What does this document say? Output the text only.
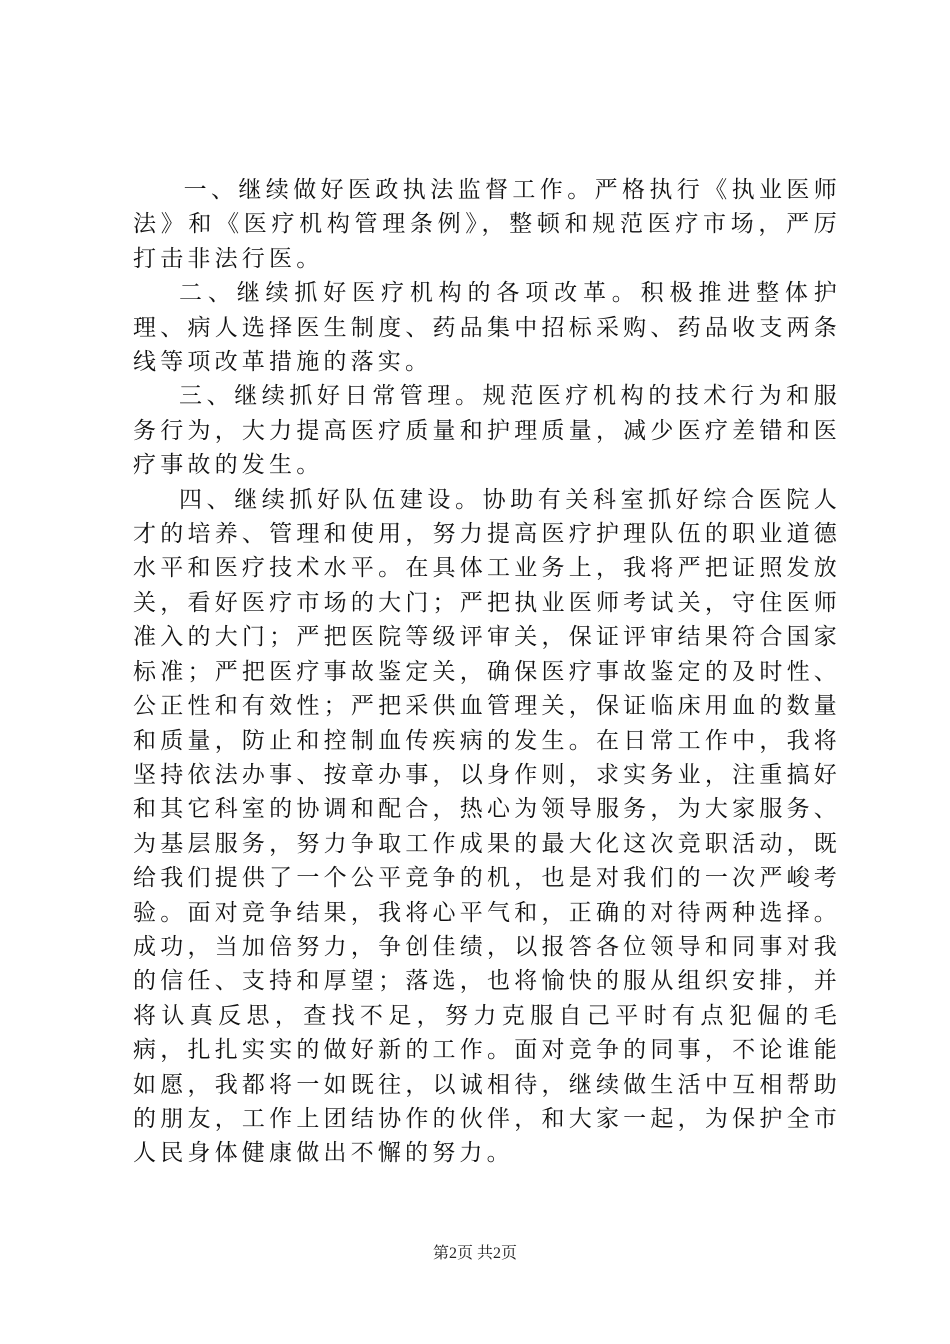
一、继续做好医政执法监督工作。严格执行《执业医师法》和《医疗机构管理条例》，整顿和规范医疗市场，严厉打击非法行医。

二、继续抓好医疗机构的各项改革。积极推进整体护理、病人选择医生制度、药品集中招标采购、药品收支两条线等项改革措施的落实。

三、继续抓好日常管理。规范医疗机构的技术行为和服务行为，大力提高医疗质量和护理质量，减少医疗差错和医疗事故的发生。

四、继续抓好队伍建设。协助有关科室抓好综合医院人才的培养、管理和使用，努力提高医疗护理队伍的职业道德水平和医疗技术水平。在具体工业务上，我将严把证照发放关，看好医疗市场的大门；严把执业医师考试关，守住医师准入的大门；严把医院等级评审关，保证评审结果符合国家标准；严把医疗事故鉴定关，确保医疗事故鉴定的及时性、公正性和有效性；严把采供血管理关，保证临床用血的数量和质量，防止和控制血传疾病的发生。在日常工作中，我将坚持依法办事、按章办事，以身作则，求实务业，注重搞好和其它科室的协调和配合，热心为领导服务，为大家服务、为基层服务，努力争取工作成果的最大化这次竞职活动，既给我们提供了一个公平竞争的机，也是对我们的一次严峻考验。面对竞争结果，我将心平气和，正确的对待两种选择。成功，当加倍努力，争创佳绩，以报答各位领导和同事对我的信任、支持和厚望；落选，也将愉快的服从组织安排，并将认真反思，查找不足，努力克服自己平时有点犯倔的毛病，扎扎实实的做好新的工作。面对竞争的同事，不论谁能如愿，我都将一如既往，以诚相待，继续做生活中互相帮助的朋友，工作上团结协作的伙伴，和大家一起，为保护全市人民身体健康做出不懈的努力。

第2页 共2页
